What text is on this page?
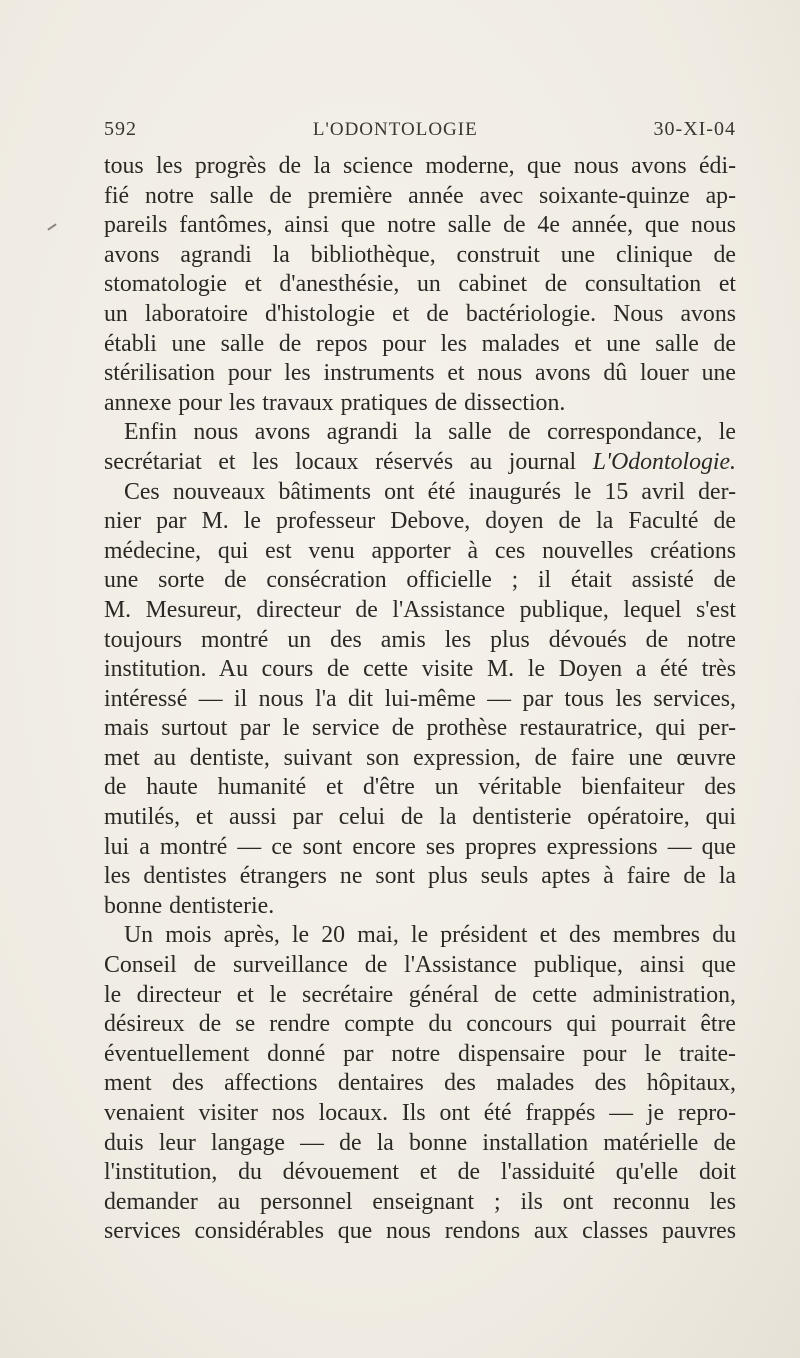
592	L'ODONTOLOGIE	30-XI-04
tous les progrès de la science moderne, que nous avons édi-
fié notre salle de première année avec soixante-quinze ap-
pareils fantômes, ainsi que notre salle de 4e année, que nous
avons agrandi la bibliothèque, construit une clinique de
stomatologie et d'anesthésie, un cabinet de consultation et
un laboratoire d'histologie et de bactériologie. Nous avons
établi une salle de repos pour les malades et une salle de
stérilisation pour les instruments et nous avons dû louer une
annexe pour les travaux pratiques de dissection.
Enfin nous avons agrandi la salle de correspondance, le
secrétariat et les locaux réservés au journal L'Odontologie.
Ces nouveaux bâtiments ont été inaugurés le 15 avril der-
nier par M. le professeur Debove, doyen de la Faculté de
médecine, qui est venu apporter à ces nouvelles créations
une sorte de consécration officielle ; il était assisté de
M. Mesureur, directeur de l'Assistance publique, lequel s'est
toujours montré un des amis les plus dévoués de notre
institution. Au cours de cette visite M. le Doyen a été très
intéressé — il nous l'a dit lui-même — par tous les services,
mais surtout par le service de prothèse restauratrice, qui per-
met au dentiste, suivant son expression, de faire une œuvre
de haute humanité et d'être un véritable bienfaiteur des
mutilés, et aussi par celui de la dentisterie opératoire, qui
lui a montré — ce sont encore ses propres expressions — que
les dentistes étrangers ne sont plus seuls aptes à faire de la
bonne dentisterie.
Un mois après, le 20 mai, le président et des membres du
Conseil de surveillance de l'Assistance publique, ainsi que
le directeur et le secrétaire général de cette administration,
désireux de se rendre compte du concours qui pourrait être
éventuellement donné par notre dispensaire pour le traite-
ment des affections dentaires des malades des hôpitaux,
venaient visiter nos locaux. Ils ont été frappés — je repro-
duis leur langage — de la bonne installation matérielle de
l'institution, du dévouement et de l'assiduité qu'elle doit
demander au personnel enseignant ; ils ont reconnu les
services considérables que nous rendons aux classes pauvres
